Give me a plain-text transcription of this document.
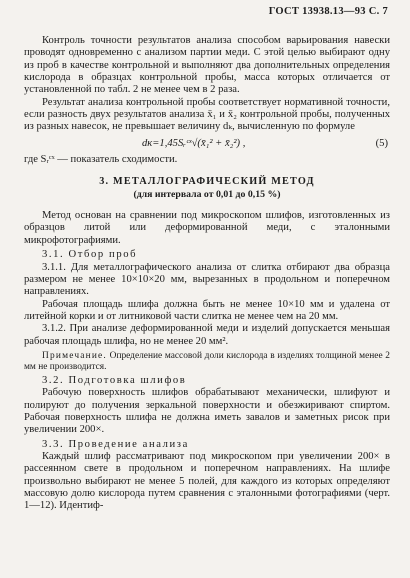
ГОСТ 13938.13—93 С. 7

Контроль точности результатов анализа способом варьирования навески проводят одновременно с анализом партии меди. С этой целью выбирают одну из проб в качестве контрольной и выполняют два дополнительных определения кислорода в образцах контрольной пробы, масса которых отличается от установленной по табл. 2 не менее чем в 2 раза.

Результат анализа контрольной пробы соответствует нормативной точности, если разность двух результатов анализа x̄₁ и x̄₂ контрольной пробы, полученных из разных навесок, не превышает величину dₖ, вычисленную по формуле

dк=1,45Sᵣᶜˣ√(x̄₁² + x̄₂²) ,	(5)

где Sᵣᶜˣ — показатель сходимости.

3. МЕТАЛЛОГРАФИЧЕСКИЙ МЕТОД
(для интервала от 0,01 до 0,15 %)

Метод основан на сравнении под микроскопом шлифов, изготовленных из образцов литой или деформированной меди, с эталонными микрофотографиями.

3.1. Отбор проб

3.1.1. Для металлографического анализа от слитка отбирают два образца размером не менее 10×10×20 мм, вырезанных в продольном и поперечном направлениях.

Рабочая площадь шлифа должна быть не менее 10×10 мм и удалена от литейной корки и от литниковой части слитка не менее чем на 20 мм.

3.1.2. При анализе деформированной меди и изделий допускается меньшая рабочая площадь шлифа, но не менее 20 мм².

Примечание. Определение массовой доли кислорода в изделиях толщиной менее 2 мм не производится.

3.2. Подготовка шлифов

Рабочую поверхность шлифов обрабатывают механически, шлифуют и полируют до получения зеркальной поверхности и обезжиривают спиртом. Рабочая поверхность шлифа не должна иметь завалов и заметных рисок при увеличении 200×.

3.3. Проведение анализа

Каждый шлиф рассматривают под микроскопом при увеличении 200× в рассеянном свете в продольном и поперечном направлениях. На шлифе произвольно выбирают не менее 5 полей, для каждого из которых определяют массовую долю кислорода путем сравнения с эталонными фотографиями (черт. 1—12). Идентиф-
